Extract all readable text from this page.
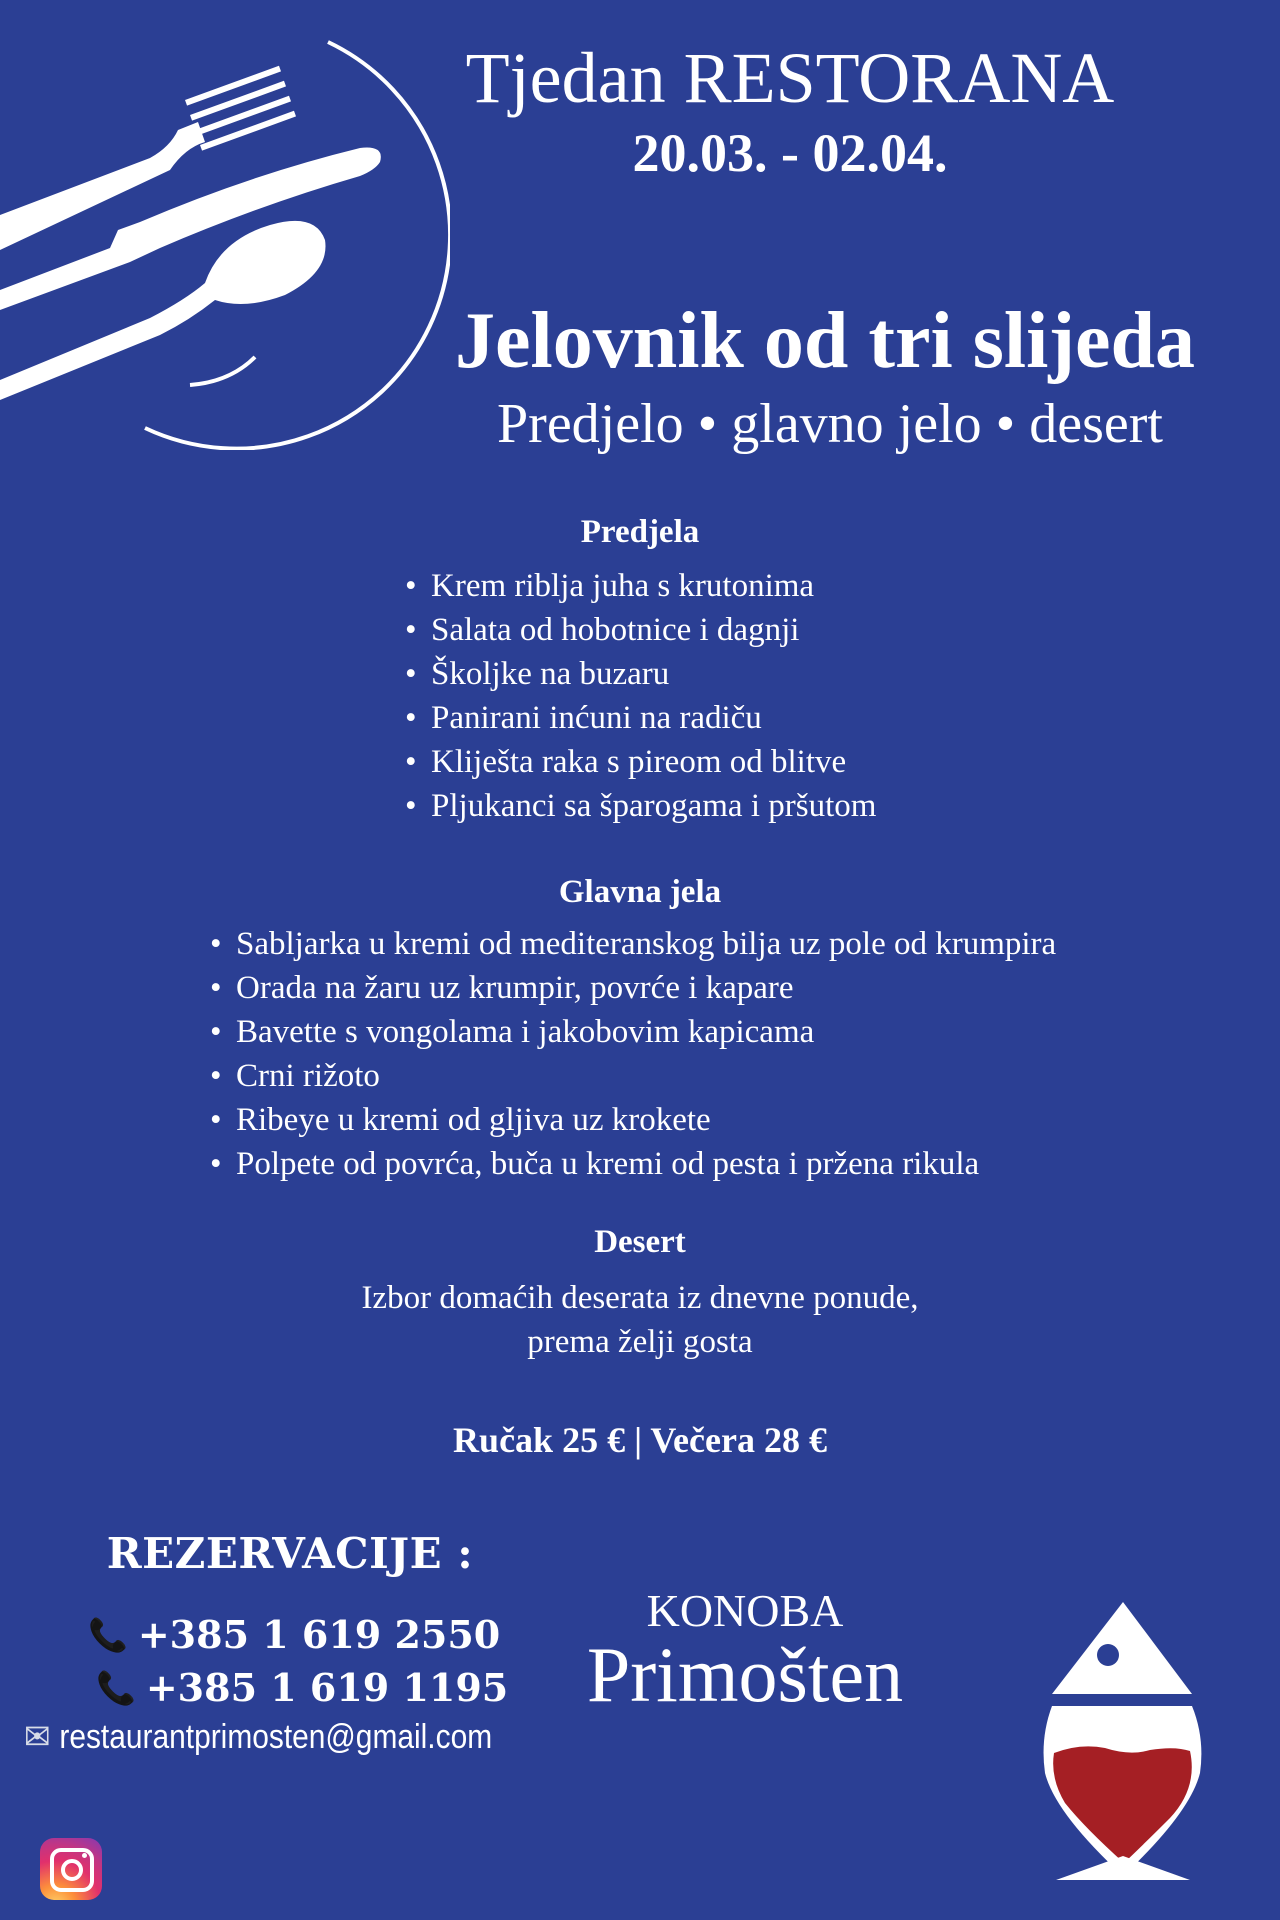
Tjedan RESTORANA
20.03. - 02.04.
Jelovnik od tri slijeda
Predjelo • glavno jelo • desert
Predjela
• Krem riblja juha s krutonima
• Salata od hobotnice i dagnji
• Školjke na buzaru
• Panirani inćuni na radiču
• Kliješta raka s pireom od blitve
• Pljukanci sa šparogama i pršutom
Glavna jela
• Sabljarka u kremi od mediteranskog bilja uz pole od krumpira
• Orada na žaru uz krumpir, povrće i kapare
• Bavette s vongolama i jakobovim kapicama
• Crni rižoto
• Ribeye u kremi od gljiva uz krokete
• Polpete od povrća, buča u kremi od pesta i pržena rikula
Desert
Izbor domaćih deserata iz dnevne ponude,
prema želji gosta
Ručak 25 € | Večera 28 €
REZERVACIJE :
📞 +385 1 619 2550
📞 +385 1 619 1195
✉ restaurantprimosten@gmail.com
KONOBA
Primošten
